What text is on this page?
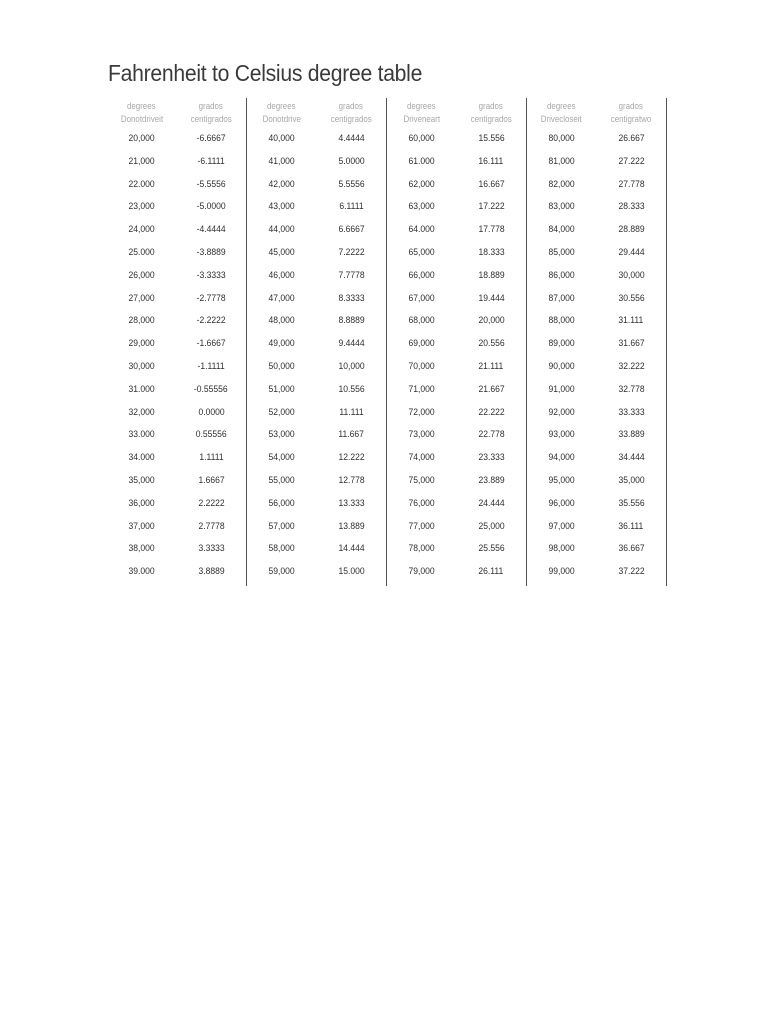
Fahrenheit to Celsius degree table
degrees
Donotdriveit
20,000
21,000
22.000
23,000
24,000
25.000
26,000
27,000
28,000
29,000
30,000
31.000
32,000
33.000
34.000
35,000
36,000
37,000
38,000
39.000
grados
centigrados
-6.6667
-6.1111
-5.5556
-5.0000
-4.4444
-3.8889
-3.3333
-2.7778
-2.2222
-1.6667
-1.1111
-0.55556
0.0000
0.55556
1.1111
1.6667
2.2222
2.7778
3.3333
3.8889
degrees
Donotdrive
40,000
41,000
42,000
43,000
44,000
45,000
46,000
47,000
48,000
49,000
50,000
51,000
52,000
53,000
54,000
55,000
56,000
57,000
58,000
59,000
grados
centigrados
4.4444
5.0000
5.5556
6.1111
6.6667
7.2222
7.7778
8.3333
8.8889
9.4444
10,000
10.556
11.111
11.667
12.222
12.778
13.333
13.889
14.444
15.000
degrees
Driveneart
60,000
61.000
62,000
63,000
64.000
65,000
66,000
67,000
68,000
69,000
70,000
71,000
72,000
73,000
74,000
75,000
76,000
77,000
78,000
79,000
grados
centigrados
15.556
16.111
16.667
17.222
17.778
18.333
18.889
19.444
20,000
20.556
21.111
21.667
22.222
22.778
23.333
23.889
24.444
25,000
25.556
26.111
degrees
Drivecloseit
80,000
81,000
82,000
83,000
84,000
85,000
86,000
87,000
88,000
89,000
90,000
91,000
92,000
93,000
94,000
95,000
96,000
97,000
98,000
99,000
grados
centigratwo
26.667
27.222
27.778
28.333
28.889
29.444
30,000
30.556
31.111
31.667
32.222
32.778
33.333
33.889
34.444
35,000
35.556
36.111
36.667
37.222
